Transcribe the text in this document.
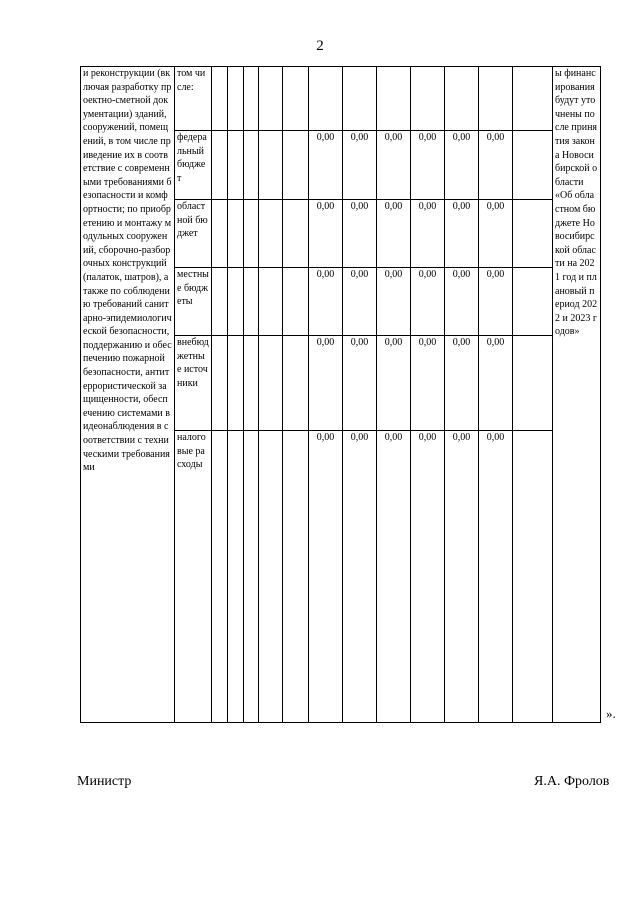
2
и реконструкции (включая разработку проектно-сметной документации) зданий, сооружений, помещений, в том числе приведение их в соответствие с современными требованиями безопасности и комфортности; по приобретению и монтажу модульных сооружений, сборочно-разборочных конструкций (палаток, шатров), а также по соблюдению требований санитарно-эпидемиологической безопасности, поддержанию и обеспечению пожарной безопасности, антитеррористической защищенности, обеспечению системами видеонаблюдения в соответствии с техническими требованиями	том числе:													ы финансирования будут уточнены после принятия закона Новосибирской области «Об областном бюджете Новосибирской области на 2021 год и плановый период 2022 и 2023 годов»
	федеральный бюджет						0,00	0,00	0,00	0,00	0,00	0,00		
	областной бюджет						0,00	0,00	0,00	0,00	0,00	0,00		
	местные бюджеты						0,00	0,00	0,00	0,00	0,00	0,00		
	внебюджетные источники						0,00	0,00	0,00	0,00	0,00	0,00		
	налоговые расходы						0,00	0,00	0,00	0,00	0,00	0,00		
».
Министр	Я.А. Фролов
